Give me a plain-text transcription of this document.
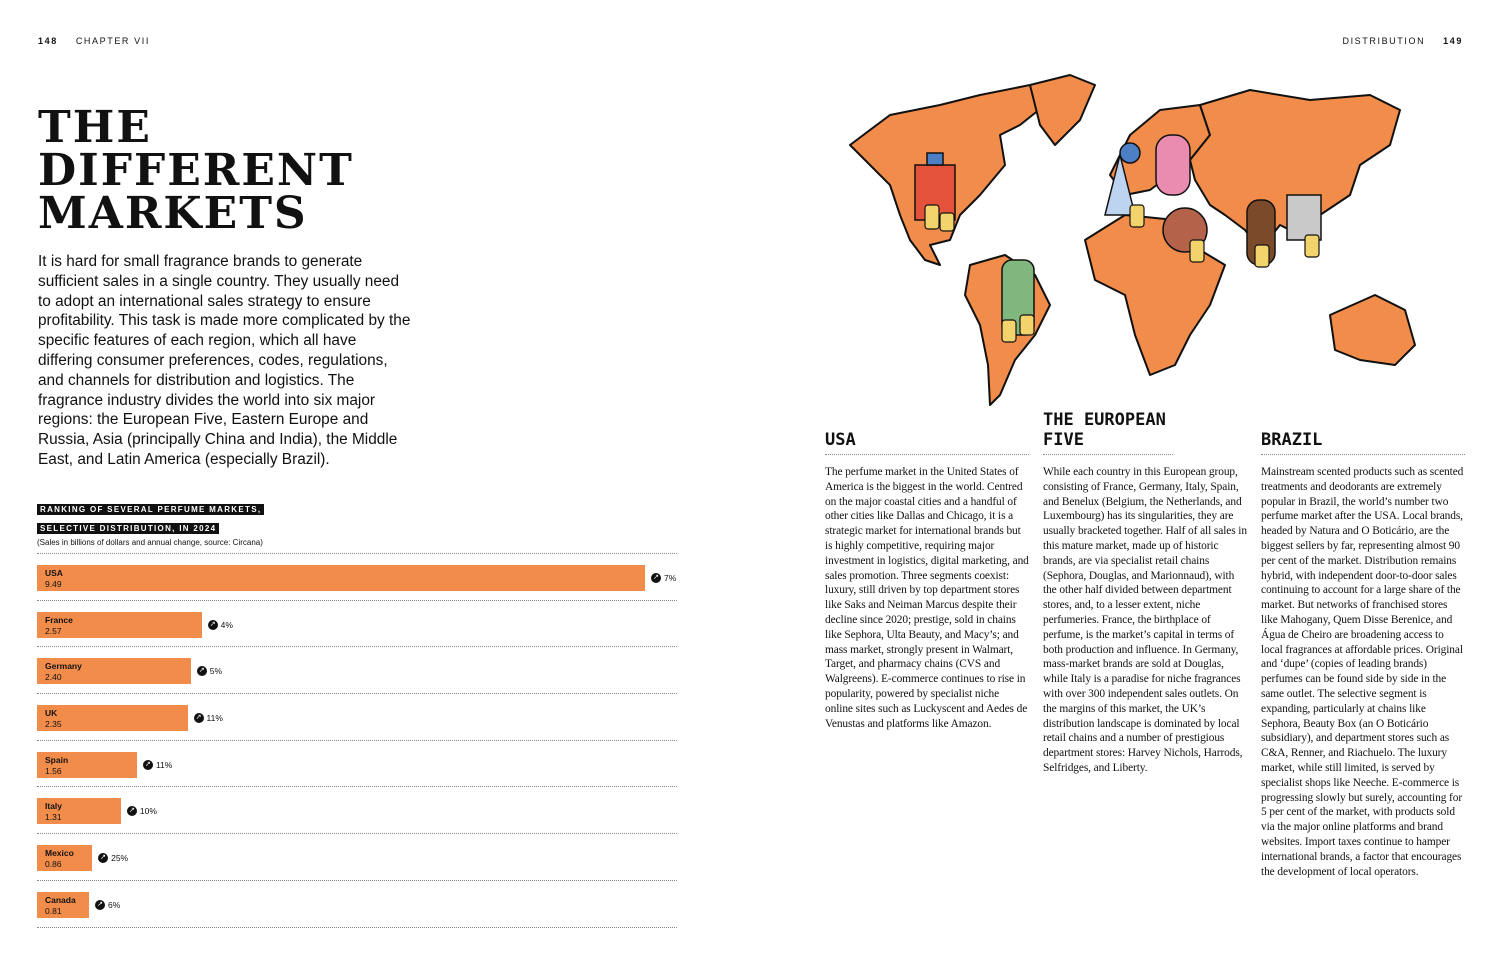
148 CHAPTER VII	DISTRIBUTION 149
THE
DIFFERENT
MARKETS

It is hard for small fragrance brands to generate sufficient sales in a single country. They usually need to adopt an international sales strategy to ensure profitability. This task is made more complicated by the specific features of each region, which all have differing consumer preferences, codes, regulations, and channels for distribution and logistics. The fragrance industry divides the world into six major regions: the European Five, Eastern Europe and Russia, Asia (principally China and India), the Middle East, and Latin America (especially Brazil).

RANKING OF SEVERAL PERFUME MARKETS,
SELECTIVE DISTRIBUTION, IN 2024
(Sales in billions of dollars and annual change, source: Circana)
USA
9.49
↗ 7%
France
2.57
↗ 4%
Germany
2.40
↗ 5%
UK
2.35
↗ 11%
Spain
1.56
↗ 11%
Italy
1.31
↗ 10%
Mexico
0.86
↗ 25%
Canada
0.81
↗ 6%
USA

The perfume market in the United States of America is the biggest in the world. Centred on the major coastal cities and a handful of other cities like Dallas and Chicago, it is a strategic market for international brands but is highly competitive, requiring major investment in logistics, digital marketing, and sales promotion. Three segments coexist: luxury, still driven by top department stores like Saks and Neiman Marcus despite their decline since 2020; prestige, sold in chains like Sephora, Ulta Beauty, and Macy’s; and mass market, strongly present in Walmart, Target, and pharmacy chains (CVS and Walgreens). E-commerce continues to rise in popularity, powered by specialist niche online sites such as Luckyscent and Aedes de Venustas and platforms like Amazon.

THE EUROPEAN FIVE

While each country in this European group, consisting of France, Germany, Italy, Spain, and Benelux (Belgium, the Netherlands, and Luxembourg) has its singularities, they are usually bracketed together. Half of all sales in this mature market, made up of historic brands, are via specialist retail chains (Sephora, Douglas, and Marionnaud), with the other half divided between department stores, and, to a lesser extent, niche perfumeries. France, the birthplace of perfume, is the market’s capital in terms of both production and influence. In Germany, mass-market brands are sold at Douglas, while Italy is a paradise for niche fragrances with over 300 independent sales outlets. On the margins of this market, the UK’s distribution landscape is dominated by local retail chains and a number of prestigious department stores: Harvey Nichols, Harrods, Selfridges, and Liberty.

BRAZIL

Mainstream scented products such as scented treatments and deodorants are extremely popular in Brazil, the world’s number two perfume market after the USA. Local brands, headed by Natura and O Boticário, are the biggest sellers by far, representing almost 90 per cent of the market. Distribution remains hybrid, with independent door-to-door sales continuing to account for a large share of the market. But networks of franchised stores like Mahogany, Quem Disse Berenice, and Água de Cheiro are broadening access to local fragrances at affordable prices. Original and ‘dupe’ (copies of leading brands) perfumes can be found side by side in the same outlet. The selective segment is expanding, particularly at chains like Sephora, Beauty Box (an O Boticário subsidiary), and department stores such as C&A, Renner, and Riachuelo. The luxury market, while still limited, is served by specialist shops like Neeche. E-commerce is progressing slowly but surely, accounting for 5 per cent of the market, with products sold via the major online platforms and brand websites. Import taxes continue to hamper international brands, a factor that encourages the development of local operators.
